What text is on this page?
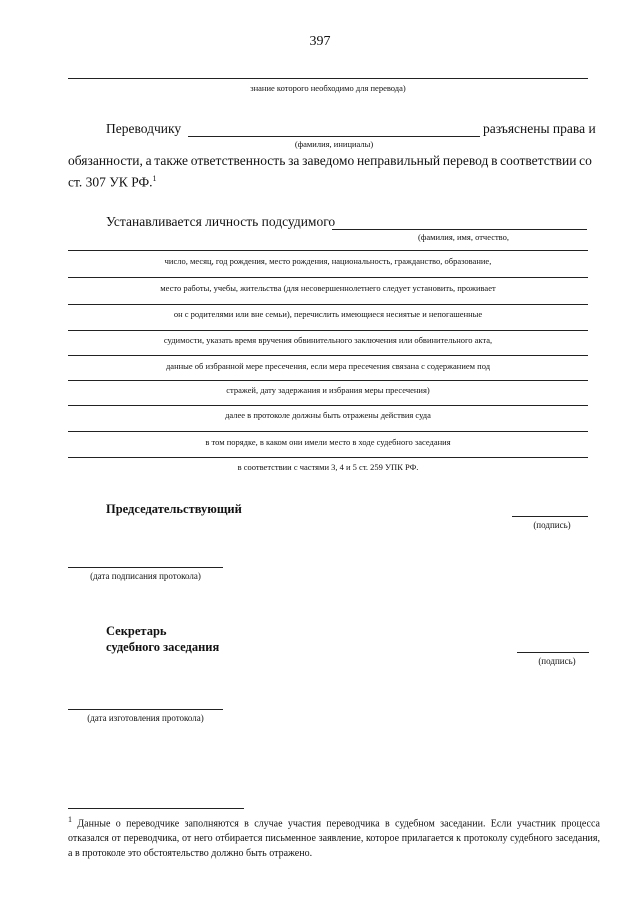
397
знание которого необходимо для перевода)
Переводчику	разъяснены права и
(фамилия, инициалы)
обязанности, а также ответственность за заведомо неправильный перевод в соответствии со
ст. 307 УК РФ.$^1$
Устанавливается личность подсудимого
(фамилия, имя, отчество,
число, месяц, год рождения, место рождения, национальность, гражданство, образование,
место работы, учебы, жительства (для несовершеннолетнего следует установить, проживает
он с родителями или вне семьи), перечислить имеющиеся несиятые и непогашенные
судимости, указать время вручения обвинительного заключения или обвинительного акта,
данные об избранной мере пресечения, если мера пресечения связана с содержанием под
стражей, дату задержания и избрания меры пресечения)
далее в протоколе должны быть отражены действия суда
в том порядке, в каком они имели место в ходе судебного заседания
в соответствии с частями 3, 4 и 5 ст. 259 УПК РФ.
Председательствующий
(подпись)
(дата подписания протокола)
Секретарь
судебного заседания
(подпись)
(дата изготовления протокола)

$^1$ Данные о переводчике заполняются в случае участия переводчика в судебном заседании. Если участник процесса отказался от переводчика, от него отбирается письменное заявление, которое прилагается к протоколу судебного заседания, а в протоколе это обстоятельство должно быть отражено.
